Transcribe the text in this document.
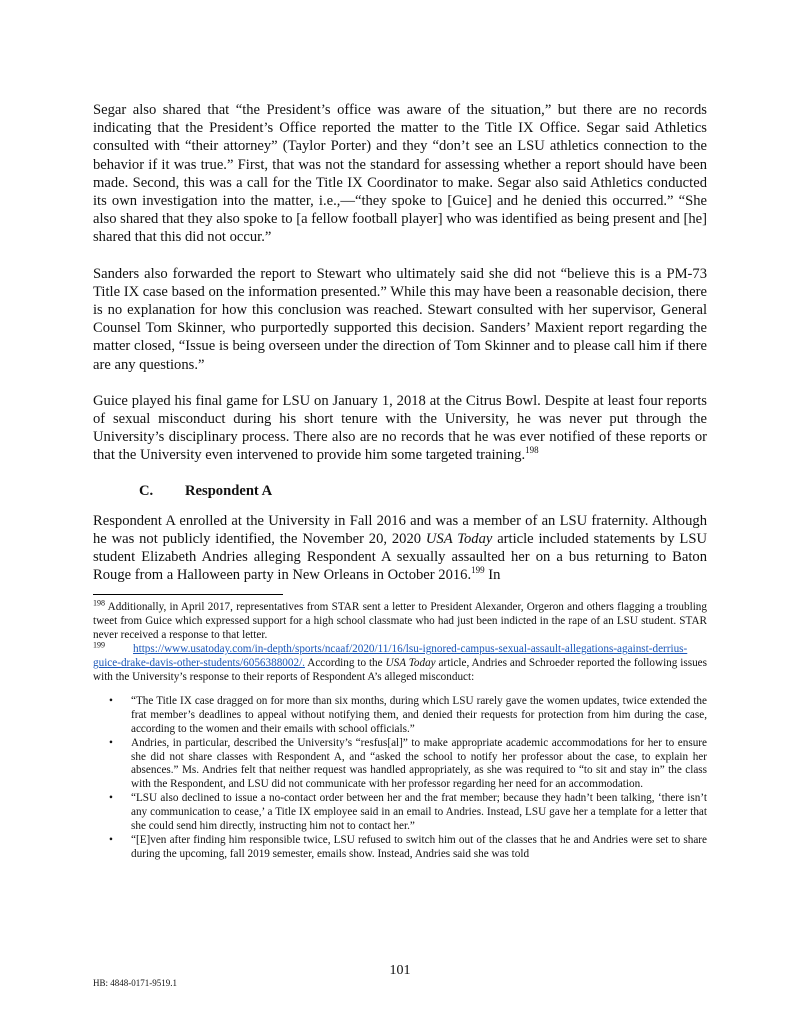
Segar also shared that “the President’s office was aware of the situation,” but there are no records indicating that the President’s Office reported the matter to the Title IX Office. Segar said Athletics consulted with “their attorney” (Taylor Porter) and they “don’t see an LSU athletics connection to the behavior if it was true.” First, that was not the standard for assessing whether a report should have been made. Second, this was a call for the Title IX Coordinator to make. Segar also said Athletics conducted its own investigation into the matter, i.e.,—“they spoke to [Guice] and he denied this occurred.” “She also shared that they also spoke to [a fellow football player] who was identified as being present and [he] shared that this did not occur.”

Sanders also forwarded the report to Stewart who ultimately said she did not “believe this is a PM-73 Title IX case based on the information presented.” While this may have been a reasonable decision, there is no explanation for how this conclusion was reached. Stewart consulted with her supervisor, General Counsel Tom Skinner, who purportedly supported this decision. Sanders’ Maxient report regarding the matter closed, “Issue is being overseen under the direction of Tom Skinner and to please call him if there are any questions.”

Guice played his final game for LSU on January 1, 2018 at the Citrus Bowl. Despite at least four reports of sexual misconduct during his short tenure with the University, he was never put through the University’s disciplinary process. There also are no records that he was ever notified of these reports or that the University even intervened to provide him some targeted training.$^{198}$

C. Respondent A

Respondent A enrolled at the University in Fall 2016 and was a member of an LSU fraternity. Although he was not publicly identified, the November 20, 2020 USA Today article included statements by LSU student Elizabeth Andries alleging Respondent A sexually assaulted her on a bus returning to Baton Rouge from a Halloween party in New Orleans in October 2016.$^{199}$ In

$^{198}$ Additionally, in April 2017, representatives from STAR sent a letter to President Alexander, Orgeron and others flagging a troubling tweet from Guice which expressed support for a high school classmate who had just been indicted in the rape of an LSU student. STAR never received a response to that letter.

$^{199}$	https://www.usatoday.com/in-depth/sports/ncaaf/2020/11/16/lsu-ignored-campus-sexual-assault-allegations-against-derrius-guice-drake-davis-other-students/6056388002/. According to the USA Today article, Andries and Schroeder reported the following issues with the University’s response to their reports of Respondent A’s alleged misconduct:

• “The Title IX case dragged on for more than six months, during which LSU rarely gave the women updates, twice extended the frat member’s deadlines to appeal without notifying them, and denied their requests for protection from him during the case, according to the women and their emails with school officials.”
• Andries, in particular, described the University’s “resfus[al]” to make appropriate academic accommodations for her to ensure she did not share classes with Respondent A, and “asked the school to notify her professor about the case, to explain her absences.” Ms. Andries felt that neither request was handled appropriately, as she was required to “to sit and stay in” the class with the Respondent, and LSU did not communicate with her professor regarding her need for an accommodation.
• “LSU also declined to issue a no-contact order between her and the frat member; because they hadn’t been talking, ‘there isn’t any communication to cease,’ a Title IX employee said in an email to Andries. Instead, LSU gave her a template for a letter that she could send him directly, instructing him not to contact her.”
• “[E]ven after finding him responsible twice, LSU refused to switch him out of the classes that he and Andries were set to share during the upcoming, fall 2019 semester, emails show. Instead, Andries said she was told
101
HB: 4848-0171-9519.1
